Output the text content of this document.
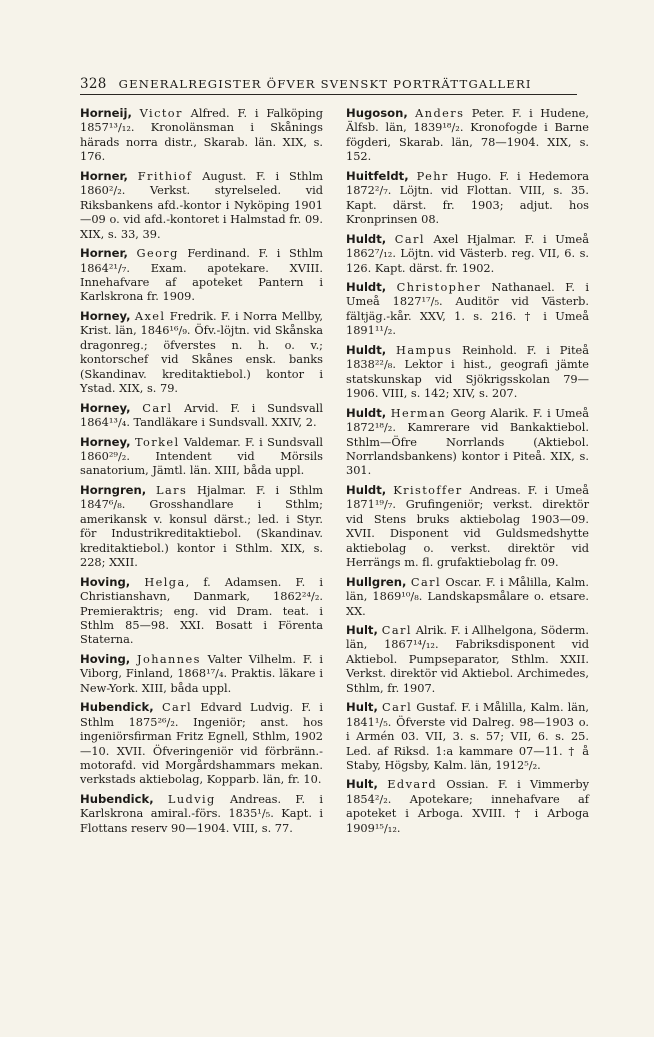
328 GENERALREGISTER ÖFVER SVENSKT PORTRÄTTGALLERI

Horneij, Victor Alfred. F. i Falköping 1857¹³/₁₂. Kronolänsman i Skånings härads norra distr., Skarab. län. XIX, s. 176.

Horner, Frithiof August. F. i Sthlm 1860²/₂. Verkst. styrelseled. vid Riksbankens afd.-kontor i Nyköping 1901—09 o. vid afd.-kontoret i Halmstad fr. 09. XIX, s. 33, 39.

Horner, Georg Ferdinand. F. i Sthlm 1864²¹/₇. Exam. apotekare. XVIII. Innehafvare af apoteket Pantern i Karlskrona fr. 1909.

Horney, Axel Fredrik. F. i Norra Mellby, Krist. län, 1846¹⁶/₉. Öfv.-löjtn. vid Skånska dragonreg.; öfverstes n. h. o. v.; kontorschef vid Skånes ensk. banks (Skandinav. kreditaktiebol.) kontor i Ystad. XIX, s. 79.

Horney, Carl Arvid. F. i Sundsvall 1864¹³/₄. Tandläkare i Sundsvall. XXIV, 2.

Horney, Torkel Valdemar. F. i Sundsvall 1860²⁹/₂. Intendent vid Mörsils sanatorium, Jämtl. län. XIII, båda uppl.

Horngren, Lars Hjalmar. F. i Sthlm 1847⁶/₈. Grosshandlare i Sthlm; amerikansk v. konsul därst.; led. i Styr. för Industrikreditaktiebol. (Skandinav. kreditaktiebol.) kontor i Sthlm. XIX, s. 228; XXII.

Hoving, Helga, f. Adamsen. F. i Christianshavn, Danmark, 1862²⁴/₂. Premieraktris; eng. vid Dram. teat. i Sthlm 85—98. XXI. Bosatt i Förenta Staterna.

Hoving, Johannes Valter Vilhelm. F. i Viborg, Finland, 1868¹⁷/₄. Praktis. läkare i New-York. XIII, båda uppl.

Hubendick, Carl Edvard Ludvig. F. i Sthlm 1875²⁶/₂. Ingeniör; anst. hos ingeniörsfirman Fritz Egnell, Sthlm, 1902—10. XVII. Öfveringeniör vid förbränn.-motorafd. vid Morgårdshammars mekan. verkstads aktiebolag, Kopparb. län, fr. 10.

Hubendick, Ludvig Andreas. F. i Karlskrona amiral.-förs. 1835¹/₅. Kapt. i Flottans reserv 90—1904. VIII, s. 77.

Hugoson, Anders Peter. F. i Hudene, Älfsb. län, 1839¹⁸/₂. Kronofogde i Barne fögderi, Skarab. län, 78—1904. XIX, s. 152.

Huitfeldt, Pehr Hugo. F. i Hedemora 1872²/₇. Löjtn. vid Flottan. VIII, s. 35. Kapt. därst. fr. 1903; adjut. hos Kronprinsen 08.

Huldt, Carl Axel Hjalmar. F. i Umeå 1862⁷/₁₂. Löjtn. vid Västerb. reg. VII, 6. s. 126. Kapt. därst. fr. 1902.

Huldt, Christopher Nathanael. F. i Umeå 1827¹⁷/₅. Auditör vid Västerb. fältjäg.-kår. XXV, 1. s. 216. † i Umeå 1891¹¹/₂.

Huldt, Hampus Reinhold. F. i Piteå 1838²²/₈. Lektor i hist., geografi jämte statskunskap vid Sjökrigsskolan 79—1906. VIII, s. 142; XIV, s. 207.

Huldt, Herman Georg Alarik. F. i Umeå 1872¹⁸/₂. Kamrerare vid Bankaktiebol. Sthlm—Öfre Norrlands (Aktiebol. Norrlandsbankens) kontor i Piteå. XIX, s. 301.

Huldt, Kristoffer Andreas. F. i Umeå 1871¹⁹/₇. Grufingeniör; verkst. direktör vid Stens bruks aktiebolag 1903—09. XVII. Disponent vid Guldsmedshytte aktiebolag o. verkst. direktör vid Herrängs m. fl. grufaktiebolag fr. 09.

Hullgren, Carl Oscar. F. i Målilla, Kalm. län, 1869¹⁰/₈. Landskapsmålare o. etsare. XX.

Hult, Carl Alrik. F. i Allhelgona, Söderm. län, 1867¹⁴/₁₂. Fabriksdisponent vid Aktiebol. Pumpseparator, Sthlm. XXII. Verkst. direktör vid Aktiebol. Archimedes, Sthlm, fr. 1907.

Hult, Carl Gustaf. F. i Målilla, Kalm. län, 1841¹/₅. Öfverste vid Dalreg. 98—1903 o. i Armén 03. VII, 3. s. 57; VII, 6. s. 25. Led. af Riksd. 1:a kammare 07—11. † å Staby, Högsby, Kalm. län, 1912⁵/₂.

Hult, Edvard Ossian. F. i Vimmerby 1854²/₂. Apotekare; innehafvare af apoteket i Arboga. XVIII. † i Arboga 1909¹⁵/₁₂.
